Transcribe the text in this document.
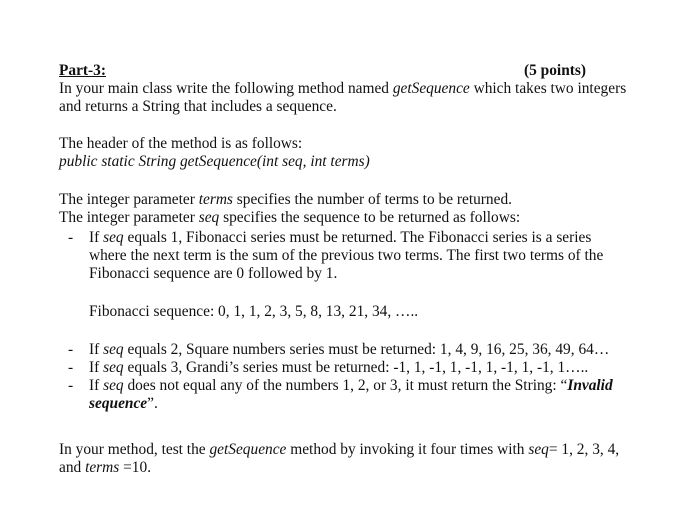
Part-3:	(5 points)
In your main class write the following method named getSequence which takes two integers
and returns a String that includes a sequence.
The header of the method is as follows:
public static String getSequence(int seq, int terms)
The integer parameter terms specifies the number of terms to be returned.
The integer parameter seq specifies the sequence to be returned as follows:
-	If seq equals 1, Fibonacci series must be returned. The Fibonacci series is a series
where the next term is the sum of the previous two terms. The first two terms of the
Fibonacci sequence are 0 followed by 1.
Fibonacci sequence: 0, 1, 1, 2, 3, 5, 8, 13, 21, 34, …..
-	If seq equals 2, Square numbers series must be returned: 1, 4, 9, 16, 25, 36, 49, 64…
-	If seq equals 3, Grandi’s series must be returned: -1, 1, -1, 1, -1, 1, -1, 1, -1, 1…..
-	If seq does not equal any of the numbers 1, 2, or 3, it must return the String: “Invalid
sequence”.
In your method, test the getSequence method by invoking it four times with seq= 1, 2, 3, 4,
and terms =10.
